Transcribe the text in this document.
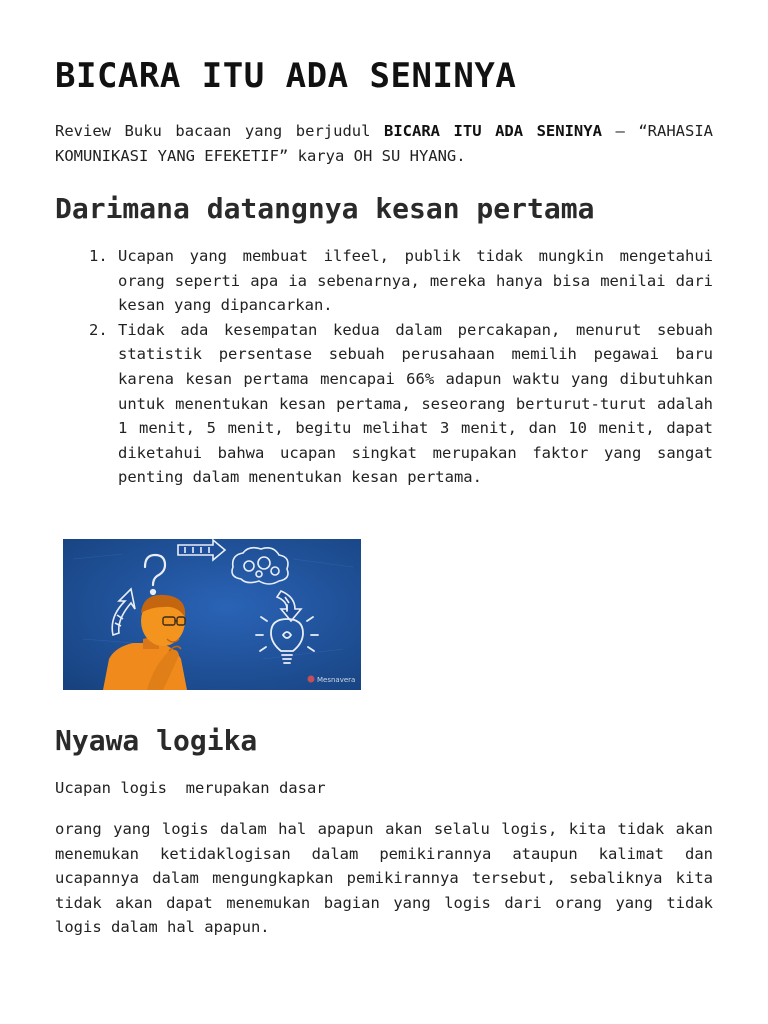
BICARA ITU ADA SENINYA

Review Buku bacaan yang berjudul BICARA ITU ADA SENINYA – “RAHASIA KOMUNIKASI YANG EFEKETIF” karya OH SU HYANG.

Darimana datangnya kesan pertama
1. Ucapan yang membuat ilfeel, publik tidak mungkin mengetahui orang seperti apa ia sebenarnya, mereka hanya bisa menilai dari kesan yang dipancarkan.
2. Tidak ada kesempatan kedua dalam percakapan, menurut sebuah statistik persentase sebuah perusahaan memilih pegawai baru karena kesan pertama mencapai 66% adapun waktu yang dibutuhkan untuk menentukan kesan pertama, seseorang berturut-turut adalah 1 menit, 5 menit, begitu melihat 3 menit, dan 10 menit, dapat diketahui bahwa ucapan singkat merupakan faktor yang sangat penting dalam menentukan kesan pertama.
Mesnavera
Nyawa logika

Ucapan logis  merupakan dasar

orang yang logis dalam hal apapun akan selalu logis, kita tidak akan menemukan ketidaklogisan dalam pemikirannya ataupun kalimat dan ucapannya dalam mengungkapkan pemikirannya tersebut, sebaliknya kita tidak akan dapat menemukan bagian yang logis dari orang yang tidak logis dalam hal apapun.
